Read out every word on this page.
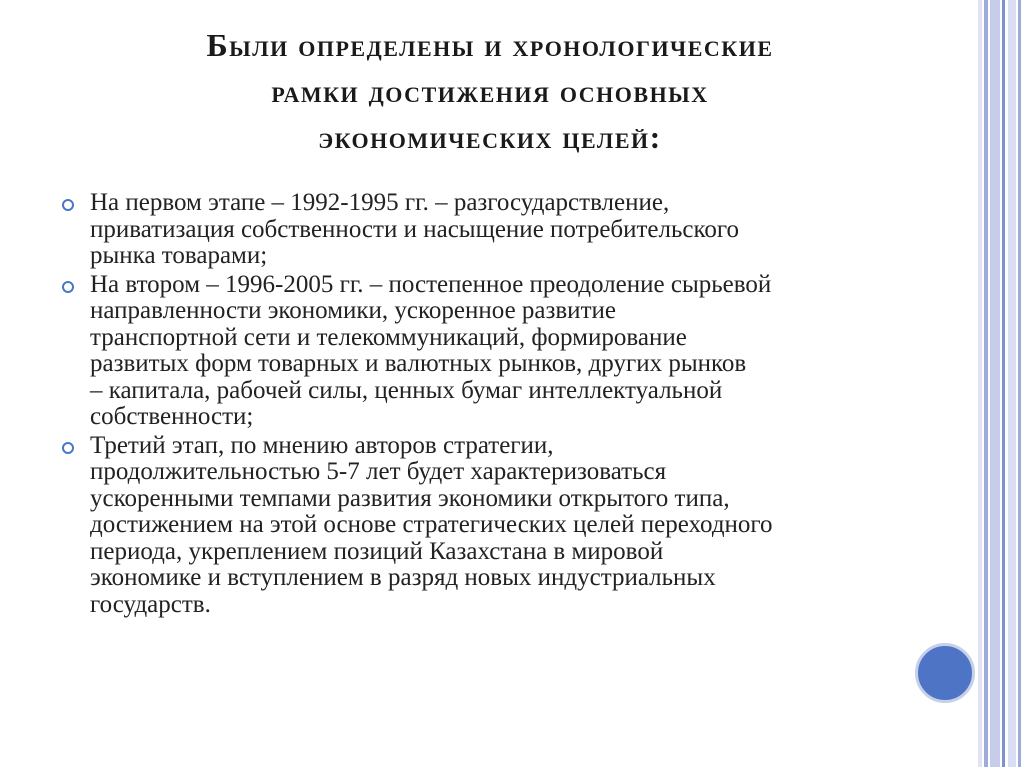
Были определены и хронологические
рамки достижения основных
экономических целей:
На первом этапе – 1992-1995 гг. – разгосударствление,
приватизация собственности и насыщение потребительского
рынка товарами;
На втором – 1996-2005 гг. – постепенное преодоление сырьевой
направленности экономики, ускоренное развитие
транспортной сети и телекоммуникаций, формирование
развитых форм товарных и валютных рынков, других рынков
– капитала, рабочей силы, ценных бумаг интеллектуальной
собственности;
Третий этап, по мнению авторов стратегии,
продолжительностью 5-7 лет будет характеризоваться
ускоренными темпами развития экономики открытого типа,
достижением на этой основе стратегических целей переходного
периода, укреплением позиций Казахстана в мировой
экономике и вступлением в разряд новых индустриальных
государств.
